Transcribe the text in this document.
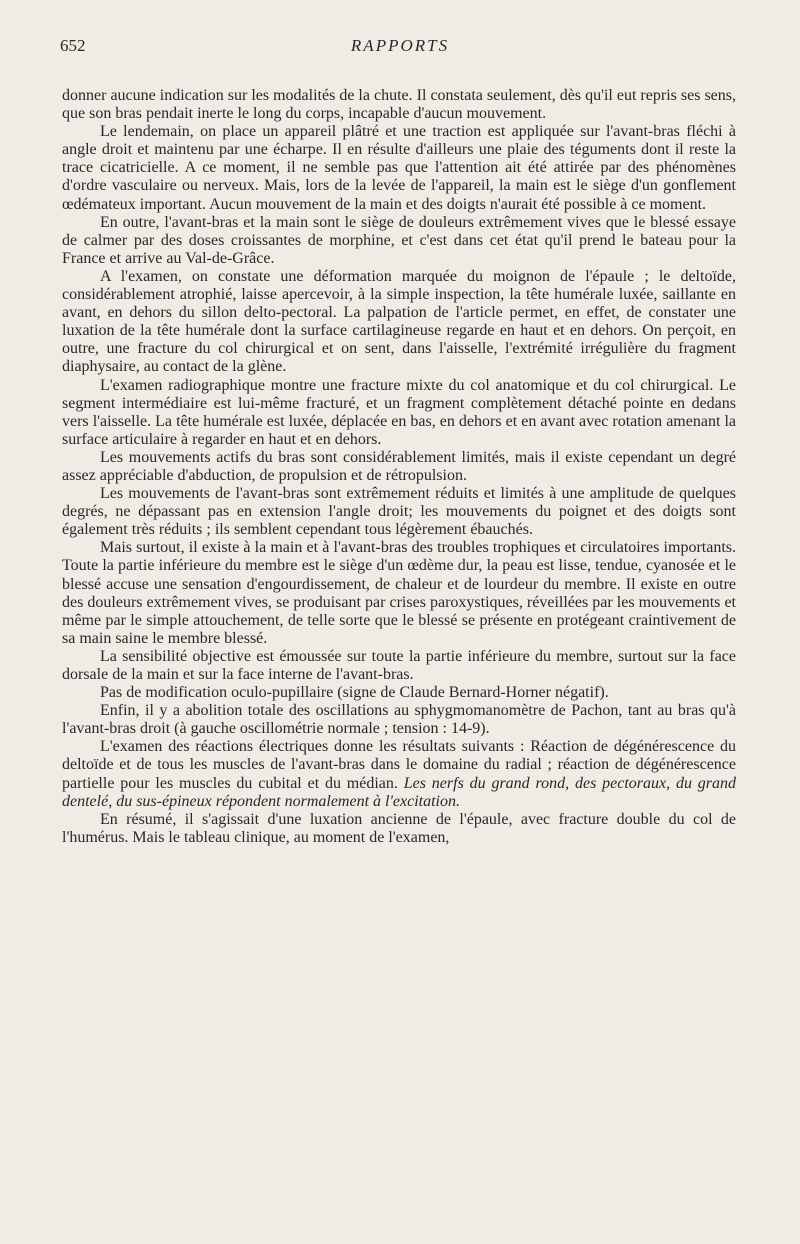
652	RAPPORTS

donner aucune indication sur les modalités de la chute. Il constata seulement, dès qu'il eut repris ses sens, que son bras pendait inerte le long du corps, incapable d'aucun mouvement.

Le lendemain, on place un appareil plâtré et une traction est appliquée sur l'avant-bras fléchi à angle droit et maintenu par une écharpe. Il en résulte d'ailleurs une plaie des téguments dont il reste la trace cicatricielle. A ce moment, il ne semble pas que l'attention ait été attirée par des phénomènes d'ordre vasculaire ou nerveux. Mais, lors de la levée de l'appareil, la main est le siège d'un gonflement œdémateux important. Aucun mouvement de la main et des doigts n'aurait été possible à ce moment.

En outre, l'avant-bras et la main sont le siège de douleurs extrêmement vives que le blessé essaye de calmer par des doses croissantes de morphine, et c'est dans cet état qu'il prend le bateau pour la France et arrive au Val-de-Grâce.

A l'examen, on constate une déformation marquée du moignon de l'épaule ; le deltoïde, considérablement atrophié, laisse apercevoir, à la simple inspection, la tête humérale luxée, saillante en avant, en dehors du sillon delto-pectoral. La palpation de l'article permet, en effet, de constater une luxation de la tête humérale dont la surface cartilagineuse regarde en haut et en dehors. On perçoit, en outre, une fracture du col chirurgical et on sent, dans l'aisselle, l'extrémité irrégulière du fragment diaphysaire, au contact de la glène.

L'examen radiographique montre une fracture mixte du col anatomique et du col chirurgical. Le segment intermédiaire est lui-même fracturé, et un fragment complètement détaché pointe en dedans vers l'aisselle. La tête humérale est luxée, déplacée en bas, en dehors et en avant avec rotation amenant la surface articulaire à regarder en haut et en dehors.

Les mouvements actifs du bras sont considérablement limités, mais il existe cependant un degré assez appréciable d'abduction, de propulsion et de rétropulsion.

Les mouvements de l'avant-bras sont extrêmement réduits et limités à une amplitude de quelques degrés, ne dépassant pas en extension l'angle droit; les mouvements du poignet et des doigts sont également très réduits ; ils semblent cependant tous légèrement ébauchés.

Mais surtout, il existe à la main et à l'avant-bras des troubles trophiques et circulatoires importants. Toute la partie inférieure du membre est le siège d'un œdème dur, la peau est lisse, tendue, cyanosée et le blessé accuse une sensation d'engourdissement, de chaleur et de lourdeur du membre. Il existe en outre des douleurs extrêmement vives, se produisant par crises paroxystiques, réveillées par les mouvements et même par le simple attouchement, de telle sorte que le blessé se présente en protégeant craintivement de sa main saine le membre blessé.

La sensibilité objective est émoussée sur toute la partie inférieure du membre, surtout sur la face dorsale de la main et sur la face interne de l'avant-bras.

Pas de modification oculo-pupillaire (signe de Claude Bernard-Horner négatif).

Enfin, il y a abolition totale des oscillations au sphygmomanomètre de Pachon, tant au bras qu'à l'avant-bras droit (à gauche oscillométrie normale ; tension : 14-9).

L'examen des réactions électriques donne les résultats suivants : Réaction de dégénérescence du deltoïde et de tous les muscles de l'avant-bras dans le domaine du radial ; réaction de dégénérescence partielle pour les muscles du cubital et du médian. Les nerfs du grand rond, des pectoraux, du grand dentelé, du sus-épineux répondent normalement à l'excitation.

En résumé, il s'agissait d'une luxation ancienne de l'épaule, avec fracture double du col de l'humérus. Mais le tableau clinique, au moment de l'examen,
